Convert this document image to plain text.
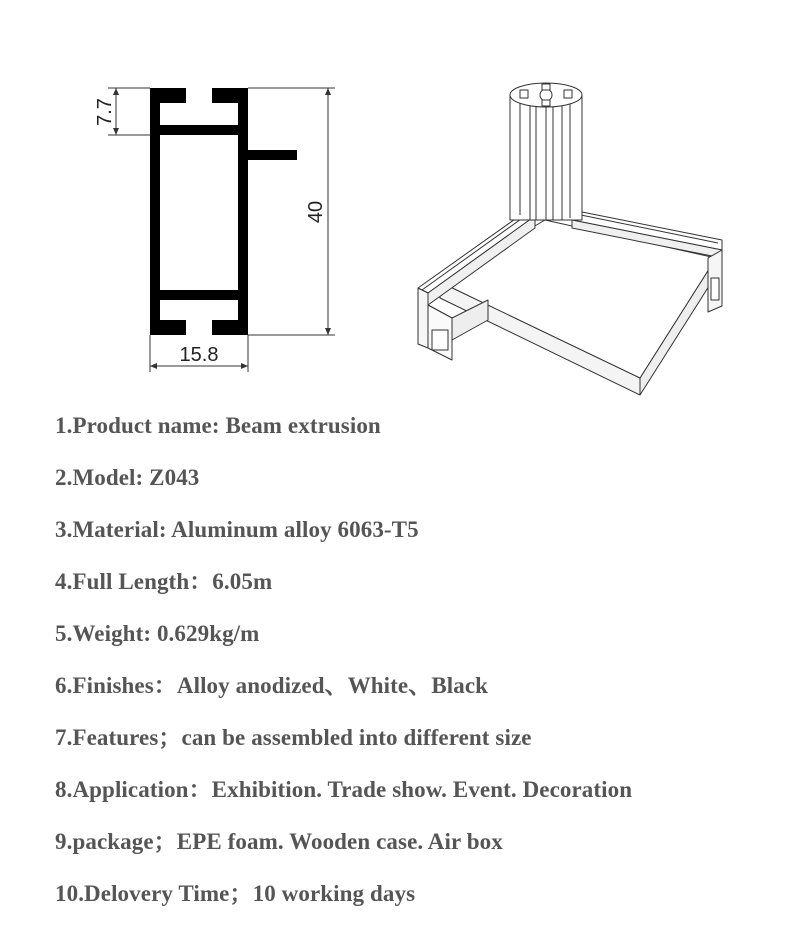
7.7
40
15.8
1.Product name: Beam extrusion
2.Model: Z043
3.Material: Aluminum alloy 6063-T5
4.Full Length：6.05m
5.Weight: 0.629kg/m
6.Finishes：Alloy anodized、White、Black
7.Features；can be assembled into different size
8.Application：Exhibition. Trade show. Event. Decoration
9.package；EPE foam. Wooden case. Air box
10.Delovery Time；10 working days
